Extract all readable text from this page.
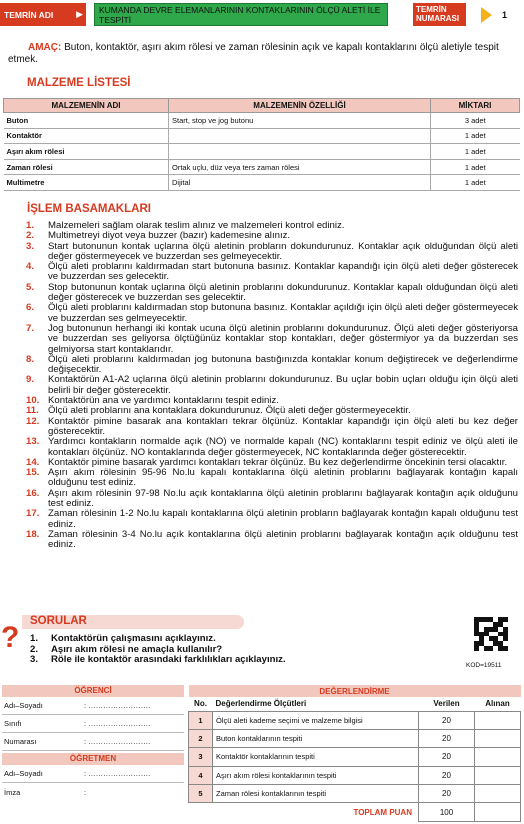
TEMRİN ADI	▶	KUMANDA DEVRE ELEMANLARININ KONTAKLARININ ÖLÇÜ ALETİ İLE TESPİTİ
TEMRİN NUMARASI	1
AMAÇ: Buton, kontaktör, aşırı akım rölesi ve zaman rölesinin açık ve kapalı kontaklarını ölçü aletiyle tespit etmek.
MALZEME LİSTESİ
MALZEMENİN ADI	MALZEMENİN ÖZELLİĞİ	MİKTARI
Buton	Start, stop ve jog butonu	3 adet
Kontaktör		1 adet
Aşırı akım rölesi		1 adet
Zaman rölesi	Ortak uçlu, düz veya ters zaman rölesi	1 adet
Multimetre	Dijital	1 adet
İŞLEM BASAMAKLARI
1.	Malzemeleri sağlam olarak teslim alınız ve malzemeleri kontrol ediniz.
2.	Multimetreyi diyot veya buzzer (bazır) kademesine alınız.
3.	Start butonunun kontak uçlarına ölçü aletinin probların dokundurunuz. Kontaklar açık olduğundan ölçü aleti değer göstermeyecek ve buzzerdan ses gelmeyecektir.
4.	Ölçü aleti problarını kaldırmadan start butonuna basınız. Kontaklar kapandığı için ölçü aleti değer gösterecek ve buzzerdan ses gelecektir.
5.	Stop butonunun kontak uçlarına ölçü aletinin problarını dokundurunuz. Kontaklar kapalı olduğundan ölçü aleti değer gösterecek ve buzzerdan ses gelecektir.
6.	Ölçü aleti problarını kaldırmadan stop butonuna basınız. Kontaklar açıldığı için ölçü aleti değer göstermeyecek ve buzzerdan ses gelmeyecektir.
7.	Jog butonunun herhangi iki kontak ucuna ölçü aletinin problarını dokundurunuz. Ölçü aleti değer gösteriyorsa ve buzzerdan ses geliyorsa ölçtüğünüz kontaklar stop kontakları, değer göstermiyor ya da buzzerdan ses gelmiyorsa start kontaklarıdır.
8.	Ölçü aleti problarını kaldırmadan jog butonuna bastığınızda kontaklar konum değiştirecek ve değerlendirme değişecektir.
9.	Kontaktörün A1-A2 uçlarına ölçü aletinin problarını dokundurunuz. Bu uçlar bobin uçları olduğu için ölçü aleti belirli bir değer gösterecektir.
10. Kontaktörün ana ve yardımcı kontaklarını tespit ediniz.
11. Ölçü aleti problarını ana kontaklara dokundurunuz. Ölçü aleti değer göstermeyecektir.
12. Kontaktör pimine basarak ana kontakları tekrar ölçünüz. Kontaklar kapandığı için ölçü aleti bu kez değer gösterecektir.
13. Yardımcı kontakların normalde açık (NO) ve normalde kapalı (NC) kontaklarını tespit ediniz ve ölçü aleti ile kontakları ölçünüz. NO kontaklarında değer göstermeyecek, NC kontaklarında değer gösterecektir.
14. Kontaktör pimine basarak yardımcı kontakları tekrar ölçünüz. Bu kez değerlendirme öncekinin tersi olacaktır.
15. Aşırı akım rölesinin 95-96 No.lu kapalı kontaklarına ölçü aletinin problarını bağlayarak kontağın kapalı olduğunu test ediniz.
16. Aşırı akım rölesinin 97-98 No.lu açık kontaklarına ölçü aletinin problarını bağlayarak kontağın açık olduğunu test ediniz.
17. Zaman rölesinin 1-2 No.lu kapalı kontaklarına ölçü aletinin probların bağlayarak kontağın kapalı olduğunu test ediniz.
18. Zaman rölesinin 3-4 No.lu açık kontaklarına ölçü aletinin problarını bağlayarak kontağın açık olduğunu test ediniz.
SORULAR
? 1. Kontaktörün çalışmasını açıklayınız.
2. Aşırı akım rölesi ne amaçla kullanılır?
3. Röle ile kontaktör arasındaki farklılıkları açıklayınız.
KOD=19511
ÖĞRENCİ
Adı–Soyadı	: …………………….
Sınıfı	: …………………….
Numarası	: …………………….
ÖĞRETMEN
Adı–Soyadı	: …………………….
İmza	:
DEĞERLENDİRME			
No.	Değerlendirme Ölçütleri	Verilen	Alınan
1	Ölçü aleti kademe seçimi ve malzeme bilgisi	20	
2	Buton kontaklarının tespiti	20	
3	Kontaktör kontaklarının tespiti	20	
4	Aşırı akım rölesi kontaklarının tespiti	20	
5	Zaman rölesi kontaklarının tespiti	20	
TOPLAM PUAN		100	
